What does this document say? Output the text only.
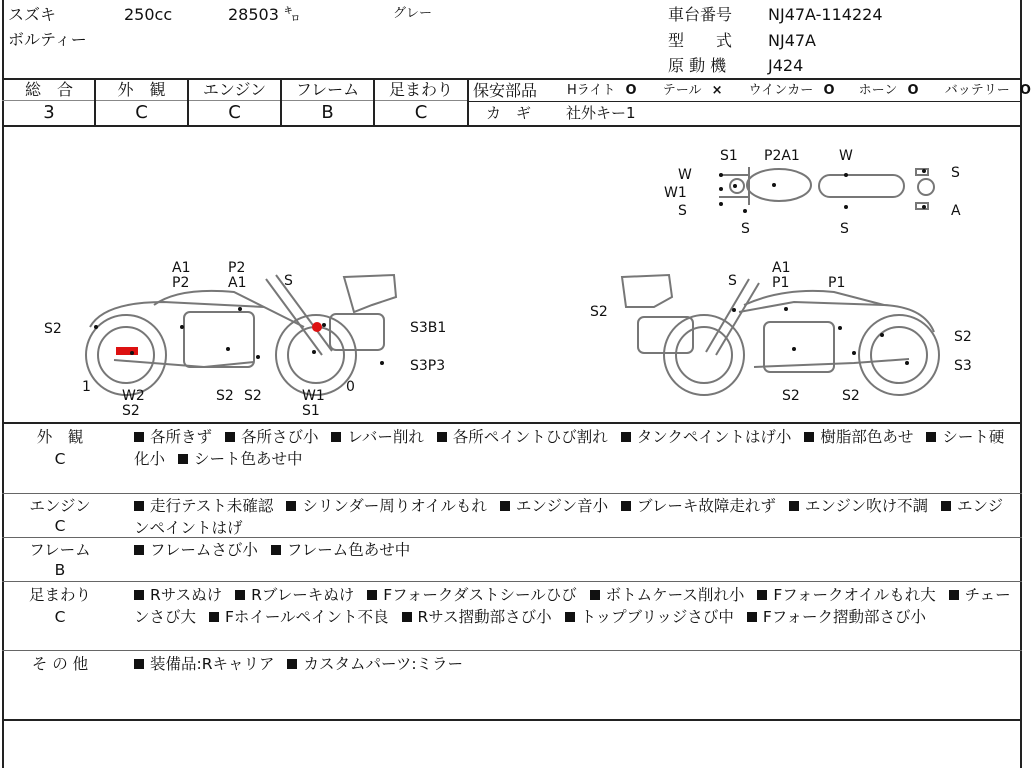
スズキ	250cc	28503 ㌔	グレー
ボルティー
車台番号 NJ47A-114224
型　　式 NJ47A
原 動 機	J424
総　合
3
外　観
C
エンジン
C
フレーム
B
足まわり
C
保安部品 Hライト O テール × ウインカー O ホーン O バッテリー O
カ　ギ 社外キー1
W
W1
S
S1
S
P2A1	W
S
S
A
A1
P2
P2
A1	S
S2	S3B1
S3P3
1	0
W2
S2
S2 S2	W1
S1
S
A1
P1	P1
S2
S2
S3
S2	S2
外　観
C
各所きず 各所さび小 レバー削れ 各所ペイントひび割れ タンクペイントはげ小 樹脂部色あせ シート硬化小 シート色あせ中
エンジン
C
走行テスト未確認 シリンダー周りオイルもれ エンジン音小 ブレーキ故障走れず エンジン吹け不調 エンジンペイントはげ
フレーム
B
フレームさび小 フレーム色あせ中
足まわり
C
Rサスぬけ Rブレーキぬけ Fフォークダストシールひび ボトムケース削れ小 Fフォークオイルもれ大 チェーンさび大 Fホイールペイント不良 Rサス摺動部さび小 トップブリッジさび中 Fフォーク摺動部さび小
そ の 他	装備品:Rキャリア カスタムパーツ:ミラー
